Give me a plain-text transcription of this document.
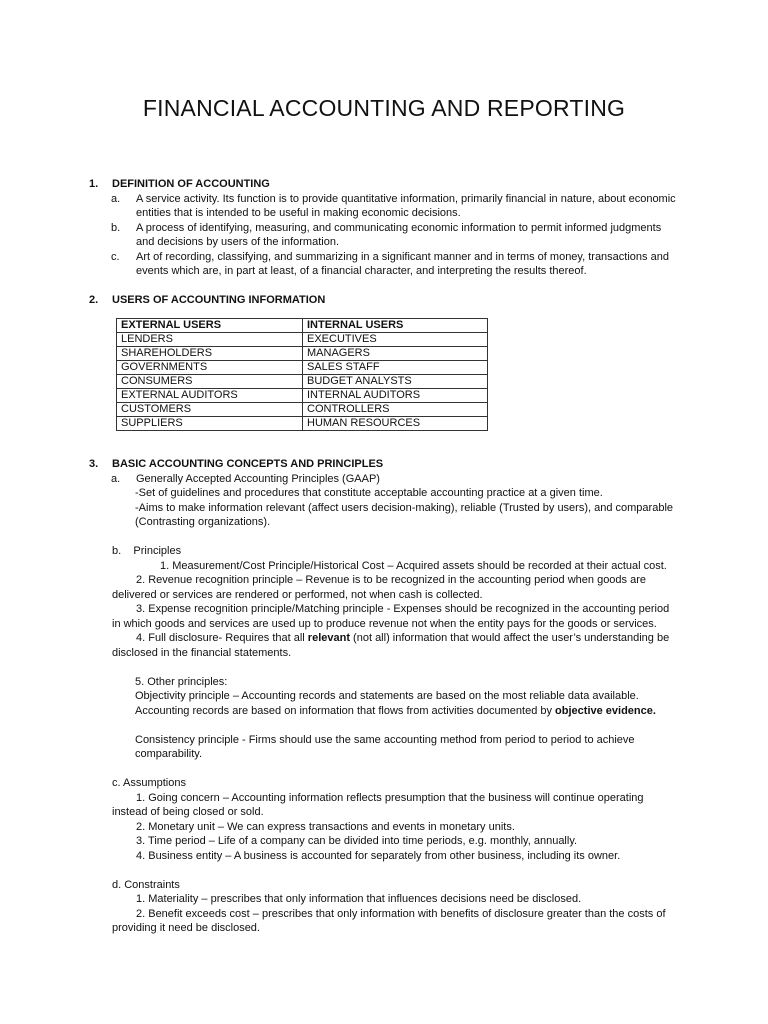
FINANCIAL ACCOUNTING AND REPORTING
1.	DEFINITION OF ACCOUNTING
a.	A service activity. Its function is to provide quantitative information, primarily financial in nature, about economic entities that is intended to be useful in making economic decisions.
b.	A process of identifying, measuring, and communicating economic information to permit informed judgments and decisions by users of the information.
c.	Art of recording, classifying, and summarizing in a significant manner and in terms of money, transactions and events which are, in part at least, of a financial character, and interpreting the results thereof.
2.	USERS OF ACCOUNTING INFORMATION
EXTERNAL USERS	INTERNAL USERS
LENDERS	EXECUTIVES
SHAREHOLDERS	MANAGERS
GOVERNMENTS	SALES STAFF
CONSUMERS	BUDGET ANALYSTS
EXTERNAL AUDITORS	INTERNAL AUDITORS
CUSTOMERS	CONTROLLERS
SUPPLIERS	HUMAN RESOURCES
3.	BASIC ACCOUNTING CONCEPTS AND PRINCIPLES
a.	Generally Accepted Accounting Principles (GAAP)
-Set of guidelines and procedures that constitute acceptable accounting practice at a given time.
-Aims to make information relevant (affect users decision-making), reliable (Trusted by users), and comparable (Contrasting organizations).
b. Principles
1. Measurement/Cost Principle/Historical Cost – Acquired assets should be recorded at their actual cost.
2. Revenue recognition principle – Revenue is to be recognized in the accounting period when goods are delivered or services are rendered or performed, not when cash is collected.
3. Expense recognition principle/Matching principle - Expenses should be recognized in the accounting period in which goods and services are used up to produce revenue not when the entity pays for the goods or services.
4. Full disclosure- Requires that all relevant (not all) information that would affect the user’s understanding be disclosed in the financial statements.
5. Other principles:
Objectivity principle – Accounting records and statements are based on the most reliable data available.
Accounting records are based on information that flows from activities documented by objective evidence.
Consistency principle - Firms should use the same accounting method from period to period to achieve comparability.
c. Assumptions
1. Going concern – Accounting information reflects presumption that the business will continue operating instead of being closed or sold.
2. Monetary unit – We can express transactions and events in monetary units.
3. Time period – Life of a company can be divided into time periods, e.g. monthly, annually.
4. Business entity – A business is accounted for separately from other business, including its owner.
d. Constraints
1. Materiality – prescribes that only information that influences decisions need be disclosed.
2. Benefit exceeds cost – prescribes that only information with benefits of disclosure greater than the costs of providing it need be disclosed.
